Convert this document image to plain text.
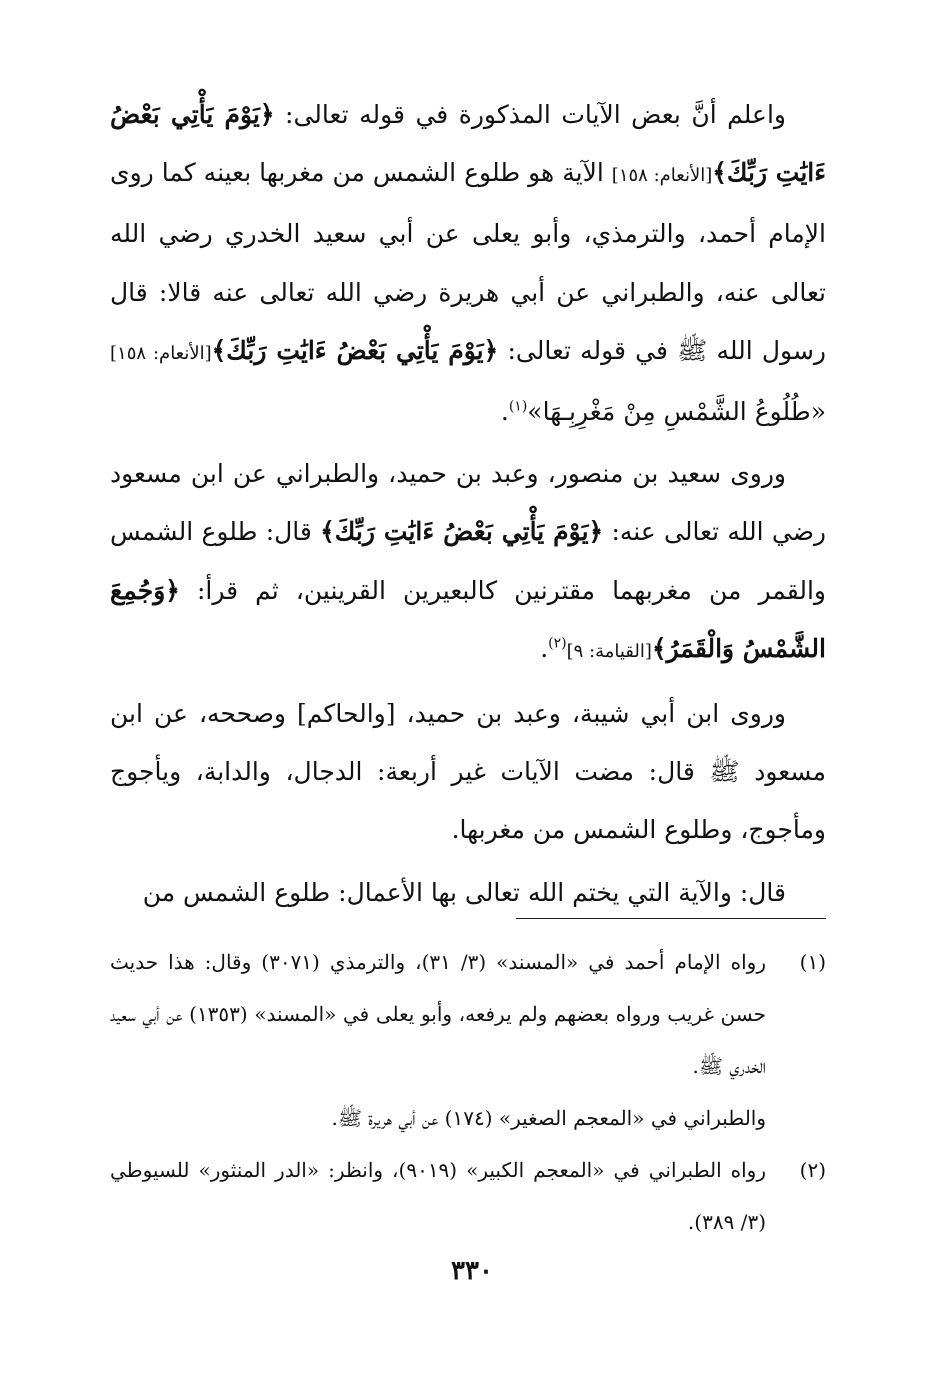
واعلم أنَّ بعض الآيات المذكورة في قوله تعالى: ﴿يَوْمَ يَأْتِي بَعْضُ ءَايَٰتِ رَبِّكَ﴾[الأنعام: ١٥٨] الآية هو طلوع الشمس من مغربها بعينه كما روى الإمام أحمد، والترمذي، وأبو يعلى عن أبي سعيد الخدري رضي الله تعالى عنه، والطبراني عن أبي هريرة رضي الله تعالى عنه قالا: قال رسول الله ﷺ في قوله تعالى: ﴿يَوْمَ يَأْتِي بَعْضُ ءَايَٰتِ رَبِّكَ﴾[الأنعام: ١٥٨] «طُلُوعُ الشَّمْسِ مِنْ مَغْرِبِـهَا»$^{(١)}$.

وروى سعيد بن منصور، وعبد بن حميد، والطبراني عن ابن مسعود رضي الله تعالى عنه: ﴿يَوْمَ يَأْتِي بَعْضُ ءَايَٰتِ رَبِّكَ﴾ قال: طلوع الشمس والقمر من مغربهما مقترنين كالبعيرين القرينين، ثم قرأ: ﴿وَجُمِعَ الشَّمْسُ وَالْقَمَرُ﴾[القيامة: ٩]$^{(٢)}$.

وروى ابن أبي شيبة، وعبد بن حميد، [والحاكم] وصححه، عن ابن مسعود ﷺ قال: مضت الآيات غير أربعة: الدجال، والدابة، ويأجوج ومأجوج، وطلوع الشمس من مغربها.

قال: والآية التي يختم الله تعالى بها الأعمال: طلوع الشمس من

(١)
رواه الإمام أحمد في «المسند» (٣/ ٣١)، والترمذي (٣٠٧١) وقال: هذا حديث حسن غريب ورواه بعضهم ولم يرفعه، وأبو يعلى في «المسند» (١٣٥٣) عن أبي سعيد الخدري ﷺ.
والطبراني في «المعجم الصغير» (١٧٤) عن أبي هريرة ﷺ.
(٢)
رواه الطبراني في «المعجم الكبير» (٩٠١٩)، وانظر: «الدر المنثور» للسيوطي (٣/ ٣٨٩).
٣٣٠
